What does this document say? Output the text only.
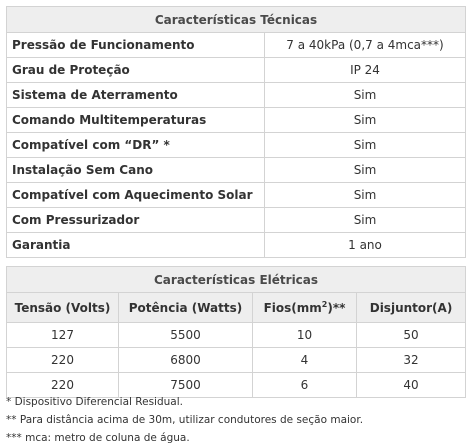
Características Técnicas	
Pressão de Funcionamento	7 a 40kPa (0,7 a 4mca***)
Grau de Proteção	IP 24
Sistema de Aterramento	Sim
Comando Multitemperaturas	Sim
Compatível com “DR” *	Sim
Instalação Sem Cano	Sim
Compatível com Aquecimento Solar	Sim
Com Pressurizador	Sim
Garantia	1 ano
Características Elétricas			
Tensão (Volts)	Potência (Watts)	$Fios(mm^2)**$	Disjuntor(A)
127	5500	10	50
220	6800	4	32
220	7500	6	40
* Dispositivo Diferencial Residual.
** Para distância acima de 30m, utilizar condutores de seção maior.
*** mca: metro de coluna de água.
